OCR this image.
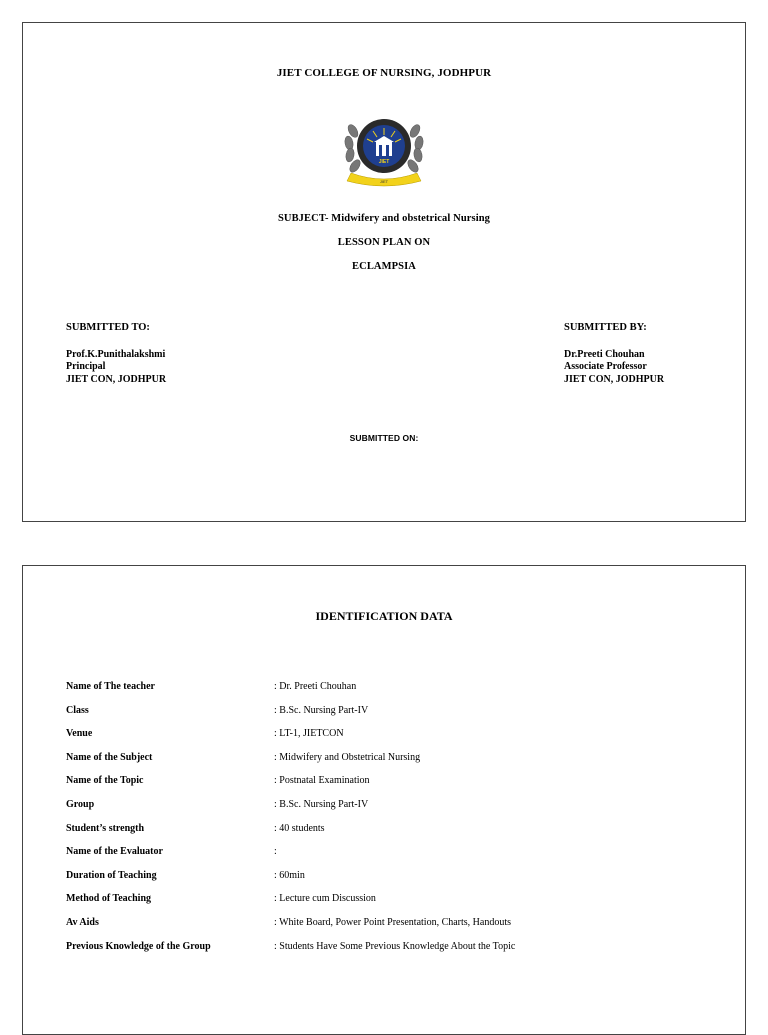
JIET COLLEGE OF NURSING, JODHPUR
JIET
JIET
SUBJECT- Midwifery and obstetrical Nursing
LESSON PLAN ON
ECLAMPSIA
SUBMITTED TO:
Prof.K.Punithalakshmi
Principal
JIET CON, JODHPUR
SUBMITTED BY:
Dr.Preeti Chouhan
Associate Professor
JIET CON, JODHPUR
SUBMITTED ON:
IDENTIFICATION DATA
Name of The teacher	: Dr. Preeti Chouhan
Class	: B.Sc. Nursing Part-IV
Venue	: LT-1, JIETCON
Name of the Subject	: Midwifery and Obstetrical Nursing
Name of the Topic	: Postnatal Examination
Group	: B.Sc. Nursing Part-IV
Student’s strength	: 40 students
Name of the Evaluator	:
Duration of Teaching	: 60min
Method of Teaching	: Lecture cum Discussion
Av Aids	: White Board, Power Point Presentation, Charts, Handouts
Previous Knowledge of the Group	: Students Have Some Previous Knowledge About the Topic
